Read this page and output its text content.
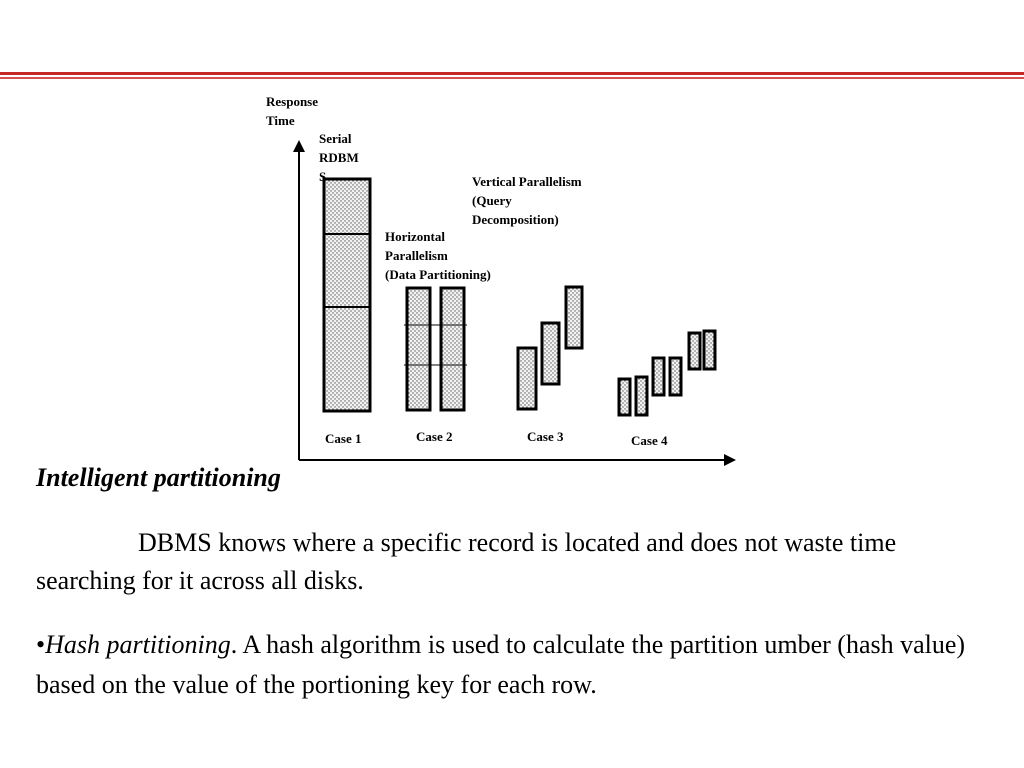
Response
Time
Serial
RDBM
S	Vertical Parallelism
(Query
Decomposition)
Horizontal
Parallelism
(Data Partitioning)
Case 1	Case 2	Case 3	Case 4
Intelligent partitioning
DBMS knows where a specific record is located and does not waste time searching for it across all disks.
•Hash partitioning. A hash algorithm is used to calculate the partition umber (hash value) based on the value of the portioning key for each row.
